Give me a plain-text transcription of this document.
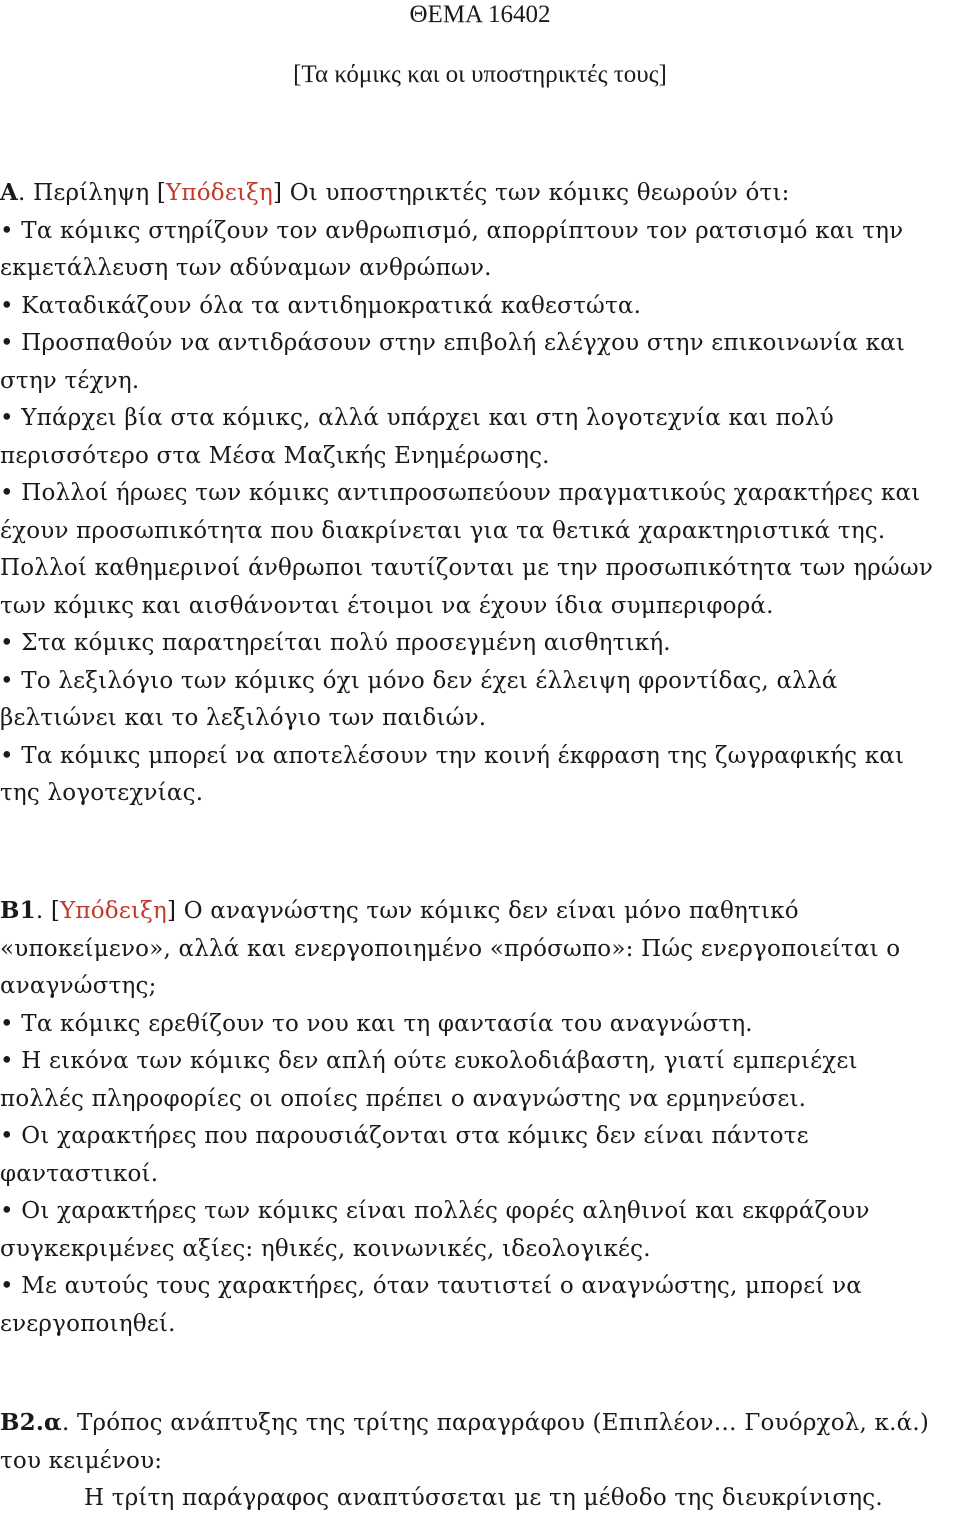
ΘΕΜΑ 16402
[Τα κόμικς και οι υποστηρικτές τους]
Α. Περίληψη [Υπόδειξη] Οι υποστηρικτές των κόμικς θεωρούν ότι:
• Τα κόμικς στηρίζουν τον ανθρωπισμό, απορρίπτουν τον ρατσισμό και την εκμετάλλευση των αδύναμων ανθρώπων.
• Καταδικάζουν όλα τα αντιδημοκρατικά καθεστώτα.
• Προσπαθούν να αντιδράσουν στην επιβολή ελέγχου στην επικοινωνία και στην τέχνη.
• Υπάρχει βία στα κόμικς, αλλά υπάρχει και στη λογοτεχνία και πολύ περισσότερο στα Μέσα Μαζικής Ενημέρωσης.
• Πολλοί ήρωες των κόμικς αντιπροσωπεύουν πραγματικούς χαρακτήρες και έχουν προσωπικότητα που διακρίνεται για τα θετικά χαρακτηριστικά της. Πολλοί καθημερινοί άνθρωποι ταυτίζονται με την προσωπικότητα των ηρώων των κόμικς και αισθάνονται έτοιμοι να έχουν ίδια συμπεριφορά.
• Στα κόμικς παρατηρείται πολύ προσεγμένη αισθητική.
• Το λεξιλόγιο των κόμικς όχι μόνο δεν έχει έλλειψη φροντίδας, αλλά βελτιώνει και το λεξιλόγιο των παιδιών.
• Τα κόμικς μπορεί να αποτελέσουν την κοινή έκφραση της ζωγραφικής και της λογοτεχνίας.
Β1. [Υπόδειξη] Ο αναγνώστης των κόμικς δεν είναι μόνο παθητικό «υποκείμενο», αλλά και ενεργοποιημένο «πρόσωπο»: Πώς ενεργοποιείται ο αναγνώστης;
• Τα κόμικς ερεθίζουν το νου και τη φαντασία του αναγνώστη.
• Η εικόνα των κόμικς δεν απλή ούτε ευκολοδιάβαστη, γιατί εμπεριέχει πολλές πληροφορίες οι οποίες πρέπει ο αναγνώστης να ερμηνεύσει.
• Οι χαρακτήρες που παρουσιάζονται στα κόμικς δεν είναι πάντοτε φανταστικοί.
• Οι χαρακτήρες των κόμικς είναι πολλές φορές αληθινοί και εκφράζουν συγκεκριμένες αξίες: ηθικές, κοινωνικές, ιδεολογικές.
• Με αυτούς τους χαρακτήρες, όταν ταυτιστεί ο αναγνώστης, μπορεί να ενεργοποιηθεί.
Β2.α. Τρόπος ανάπτυξης της τρίτης παραγράφου (Επιπλέον… Γουόρχολ, κ.ά.) του κειμένου:
Η τρίτη παράγραφος αναπτύσσεται με τη μέθοδο της διευκρίνισης.
